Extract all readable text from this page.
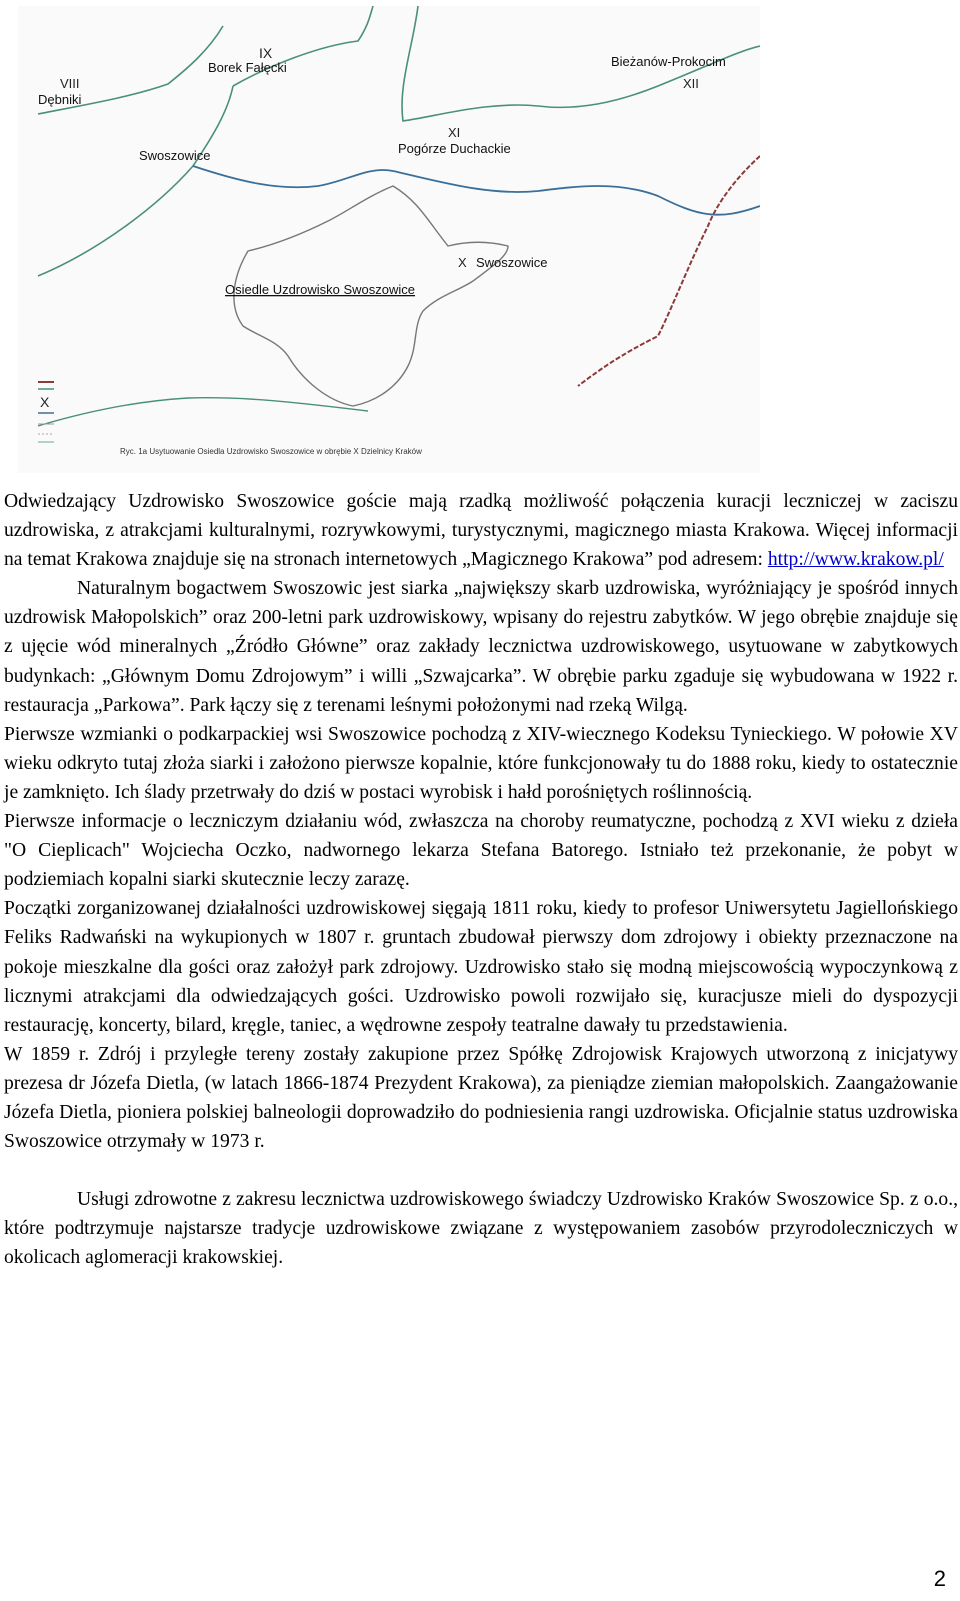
IX
Borek Fałęcki
VIII
Dębniki
Bieżanów-Prokocim
XII
Swoszowice
XI
Pogórze Duchackie
X Swoszowice
Osiedle Uzdrowisko Swoszowice
X
Ryc. 1a Usytuowanie Osiedla Uzdrowisko Swoszowice w obrębie X Dzielnicy Kraków

Odwiedzający Uzdrowisko Swoszowice goście mają rzadką możliwość połączenia kuracji leczniczej w zaciszu uzdrowiska, z atrakcjami kulturalnymi, rozrywkowymi, turystycznymi, magicznego miasta Krakowa. Więcej informacji na temat Krakowa znajduje się na stronach internetowych „Magicznego Krakowa” pod adresem: http://www.krakow.pl/

Naturalnym bogactwem Swoszowic jest siarka „największy skarb uzdrowiska, wyróżniający je spośród innych uzdrowisk Małopolskich” oraz 200-letni park uzdrowiskowy, wpisany do rejestru zabytków. W jego obrębie znajduje się z ujęcie wód mineralnych „Źródło Główne” oraz zakłady lecznictwa uzdrowiskowego, usytuowane w zabytkowych budynkach: „Głównym Domu Zdrojowym” i willi „Szwajcarka”. W obrębie parku zgaduje się wybudowana w 1922 r. restauracja „Parkowa”. Park łączy się z terenami leśnymi położonymi nad rzeką Wilgą.

Pierwsze wzmianki o podkarpackiej wsi Swoszowice pochodzą z XIV-wiecznego Kodeksu Tynieckiego. W połowie XV wieku odkryto tutaj złoża siarki i założono pierwsze kopalnie, które funkcjonowały tu do 1888 roku, kiedy to ostatecznie je zamknięto. Ich ślady przetrwały do dziś w postaci wyrobisk i hałd porośniętych roślinnością.

Pierwsze informacje o leczniczym działaniu wód, zwłaszcza na choroby reumatyczne, pochodzą z XVI wieku z dzieła "O Cieplicach" Wojciecha Oczko, nadwornego lekarza Stefana Batorego. Istniało też przekonanie, że pobyt w podziemiach kopalni siarki skutecznie leczy zarazę.

Początki zorganizowanej działalności uzdrowiskowej sięgają 1811 roku, kiedy to profesor Uniwersytetu Jagiellońskiego Feliks Radwański na wykupionych w 1807 r. gruntach zbudował pierwszy dom zdrojowy i obiekty przeznaczone na pokoje mieszkalne dla gości oraz założył park zdrojowy. Uzdrowisko stało się modną miejscowością wypoczynkową z licznymi atrakcjami dla odwiedzających gości. Uzdrowisko powoli rozwijało się, kuracjusze mieli do dyspozycji restaurację, koncerty, bilard, kręgle, taniec, a wędrowne zespoły teatralne dawały tu przedstawienia.

W 1859 r. Zdrój i przyległe tereny zostały zakupione przez Spółkę Zdrojowisk Krajowych utworzoną z inicjatywy prezesa dr Józefa Dietla, (w latach 1866-1874 Prezydent Krakowa), za pieniądze ziemian małopolskich. Zaangażowanie Józefa Dietla, pioniera polskiej balneologii doprowadziło do podniesienia rangi uzdrowiska. Oficjalnie status uzdrowiska Swoszowice otrzymały w 1973 r.

Usługi zdrowotne z zakresu lecznictwa uzdrowiskowego świadczy Uzdrowisko Kraków Swoszowice Sp. z o.o., które podtrzymuje najstarsze tradycje uzdrowiskowe związane z występowaniem zasobów przyrodoleczniczych w okolicach aglomeracji krakowskiej.

2
